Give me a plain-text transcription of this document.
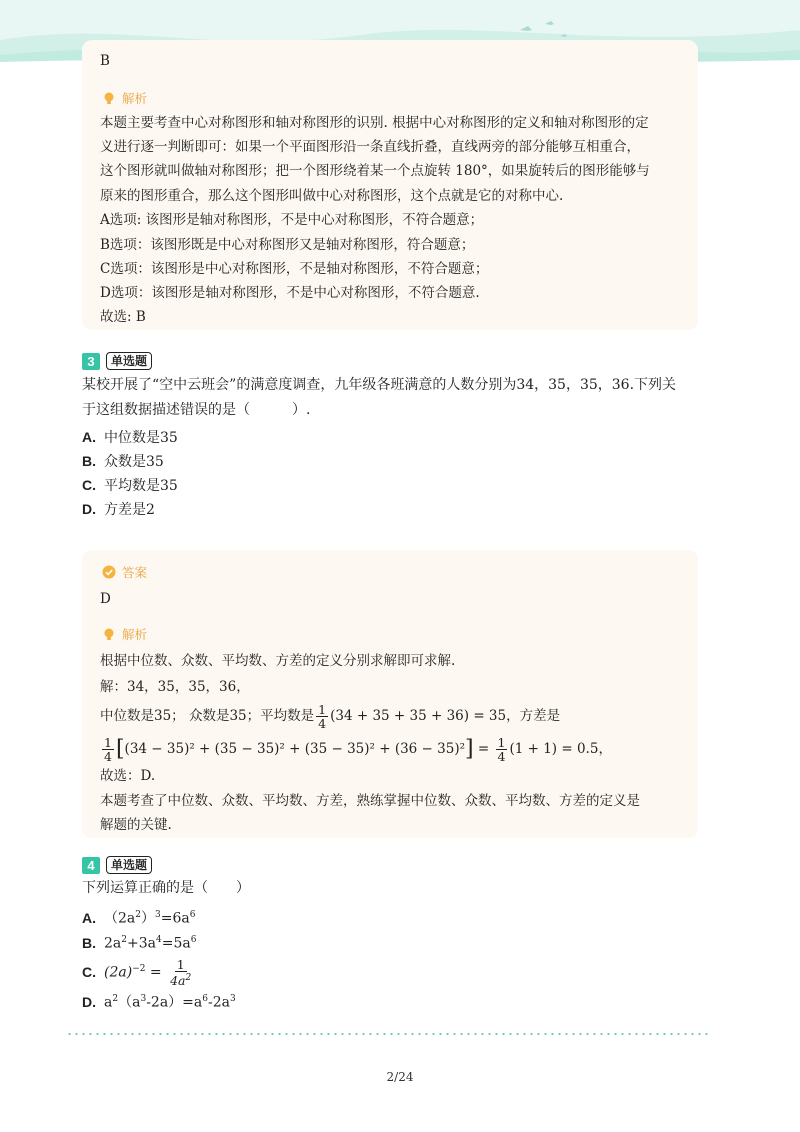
B
解析
本题主要考查中心对称图形和轴对称图形的识别. 根据中心对称图形的定义和轴对称图形的定
义进行逐一判断即可：如果一个平面图形沿一条直线折叠，直线两旁的部分能够互相重合，
这个图形就叫做轴对称图形；把一个图形绕着某一个点旋转 180°，如果旋转后的图形能够与
原来的图形重合，那么这个图形叫做中心对称图形，这个点就是它的对称中心.
A选项: 该图形是轴对称图形，不是中心对称图形，不符合题意；
B选项：该图形既是中心对称图形又是轴对称图形，符合题意；
C选项：该图形是中心对称图形，不是轴对称图形，不符合题意；
D选项：该图形是轴对称图形，不是中心对称图形，不符合题意.
故选: B
3	单选题
某校开展了“空中云班会”的满意度调查，九年级各班满意的人数分别为34，35，35，36.下列关
于这组数据描述错误的是（　　　）.
A. 中位数是35
B. 众数是35
C. 平均数是35
D. 方差是2
答案
D
解析
根据中位数、众数、平均数、方差的定义分别求解即可求解.
解：34，35，35，36，
中位数是35； 众数是35；平均数是 $\frac{1}{4} (34 + 35 + 35 + 36) = 35$，方差是
$\frac{1}{4} [(34 - 35)^2 + (35 - 35)^2 + (35 - 35)^2 + (36 - 35)^2] = \frac{1}{4} (1 + 1) = 0.5$，
故选：D.
本题考查了中位数、众数、平均数、方差，熟练掌握中位数、众数、平均数、方差的定义是
解题的关键.
4	单选题
下列运算正确的是（　　）
A. $(2a^2)^3=6a^6$
B. $2a^2+3a^4=5a^6$
C. $(2a)^{-2} = \frac{1}{4a^2}$
D. $a^2(a^3-2a)=a^6-2a^3$
2/24
